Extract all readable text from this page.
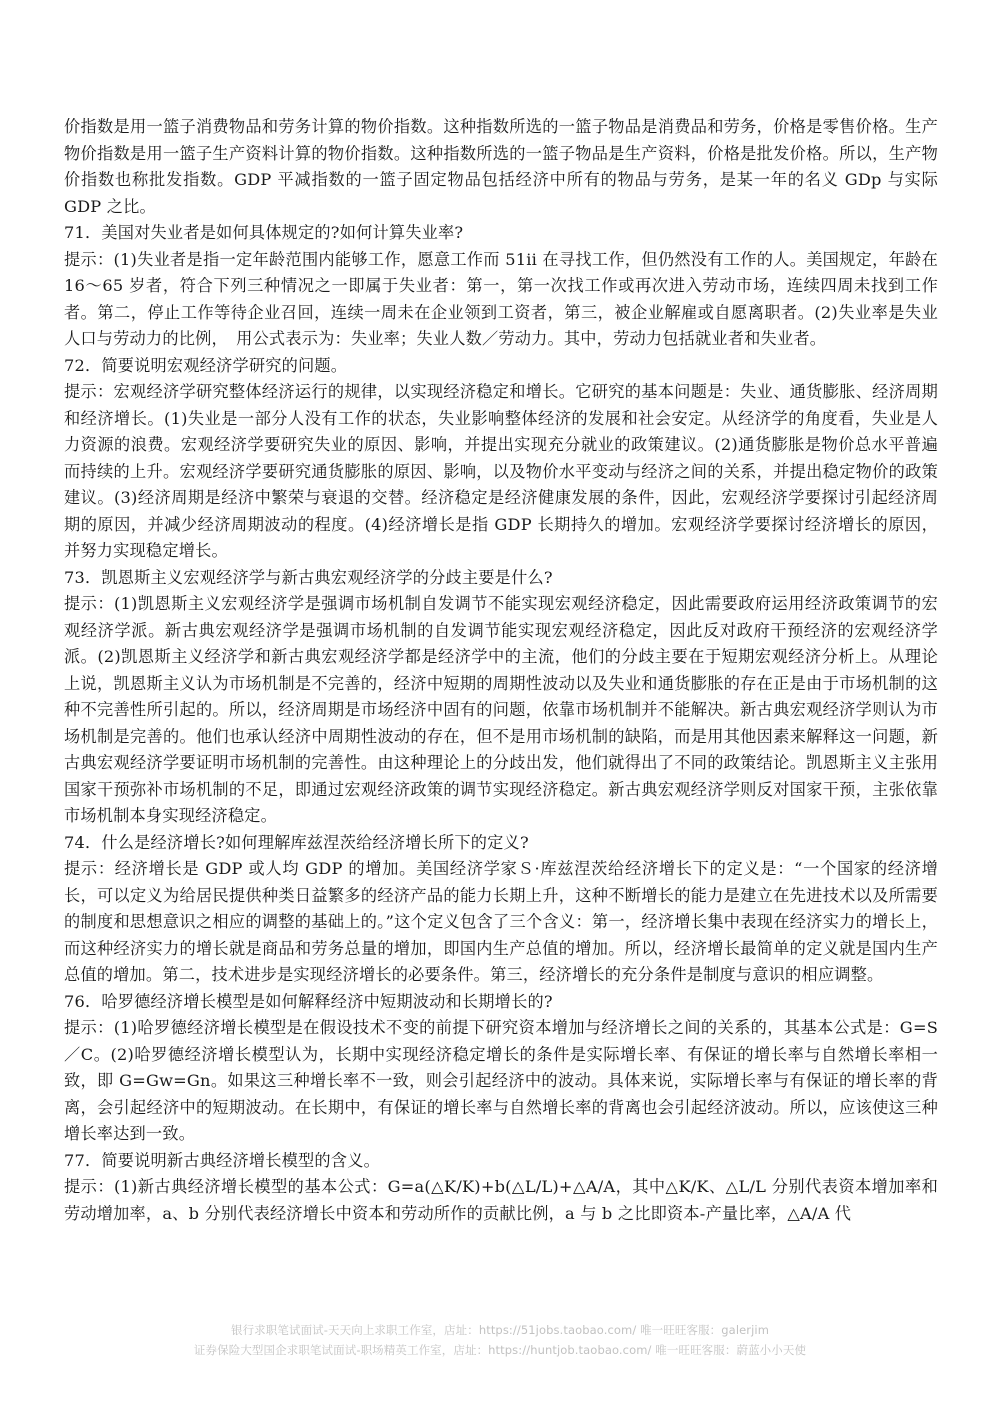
价指数是用一篮子消费物品和劳务计算的物价指数。这种指数所选的一篮子物品是消费品和劳务，价格是零售价格。生产物价指数是用一篮子生产资料计算的物价指数。这种指数所选的一篮子物品是生产资料，价格是批发价格。所以，生产物价指数也称批发指数。GDP 平减指数的一篮子固定物品包括经济中所有的物品与劳务，是某一年的名义 GDp 与实际 GDP 之比。

71．美国对失业者是如何具体规定的?如何计算失业率?

提示：(1)失业者是指一定年龄范围内能够工作，愿意工作而 51ii 在寻找工作，但仍然没有工作的人。美国规定，年龄在 16～65 岁者，符合下列三种情况之一即属于失业者：第一，第一次找工作或再次进入劳动市场，连续四周未找到工作者。第二，停止工作等待企业召回，连续一周未在企业领到工资者，第三，被企业解雇或自愿离职者。(2)失业率是失业人口与劳动力的比例，　用公式表示为：失业率；失业人数／劳动力。其中，劳动力包括就业者和失业者。

72．简要说明宏观经济学研究的问题。

提示：宏观经济学研究整体经济运行的规律，以实现经济稳定和增长。它研究的基本问题是：失业、通货膨胀、经济周期和经济增长。(1)失业是一部分人没有工作的状态，失业影响整体经济的发展和社会安定。从经济学的角度看，失业是人力资源的浪费。宏观经济学要研究失业的原因、影响，并提出实现充分就业的政策建议。(2)通货膨胀是物价总水平普遍而持续的上升。宏观经济学要研究通货膨胀的原因、影响，以及物价水平变动与经济之间的关系，并提出稳定物价的政策建议。(3)经济周期是经济中繁荣与衰退的交替。经济稳定是经济健康发展的条件，因此，宏观经济学要探讨引起经济周期的原因，并减少经济周期波动的程度。(4)经济增长是指 GDP 长期持久的增加。宏观经济学要探讨经济增长的原因，并努力实现稳定增长。

73．凯恩斯主义宏观经济学与新古典宏观经济学的分歧主要是什么?

提示：(1)凯恩斯主义宏观经济学是强调市场机制自发调节不能实现宏观经济稳定，因此需要政府运用经济政策调节的宏观经济学派。新古典宏观经济学是强调市场机制的自发调节能实现宏观经济稳定，因此反对政府干预经济的宏观经济学派。(2)凯恩斯主义经济学和新古典宏观经济学都是经济学中的主流，他们的分歧主要在于短期宏观经济分析上。从理论上说，凯恩斯主义认为市场机制是不完善的，经济中短期的周期性波动以及失业和通货膨胀的存在正是由于市场机制的这种不完善性所引起的。所以，经济周期是市场经济中固有的问题，依靠市场机制并不能解决。新古典宏观经济学则认为市场机制是完善的。他们也承认经济中周期性波动的存在，但不是用市场机制的缺陷，而是用其他因素来解释这一问题，新古典宏观经济学要证明市场机制的完善性。由这种理论上的分歧出发，他们就得出了不同的政策结论。凯恩斯主义主张用国家干预弥补市场机制的不足，即通过宏观经济政策的调节实现经济稳定。新古典宏观经济学则反对国家干预，主张依靠市场机制本身实现经济稳定。

74．什么是经济增长?如何理解库兹涅茨给经济增长所下的定义?

提示：经济增长是 GDP 或人均 GDP 的增加。美国经济学家Ｓ·库兹涅茨给经济增长下的定义是：“一个国家的经济增长，可以定义为给居民提供种类日益繁多的经济产品的能力长期上升，这种不断增长的能力是建立在先进技术以及所需要的制度和思想意识之相应的调整的基础上的。”这个定义包含了三个含义：第一，经济增长集中表现在经济实力的增长上，而这种经济实力的增长就是商品和劳务总量的增加，即国内生产总值的增加。所以，经济增长最简单的定义就是国内生产总值的增加。第二，技术进步是实现经济增长的必要条件。第三，经济增长的充分条件是制度与意识的相应调整。

76．哈罗德经济增长模型是如何解释经济中短期波动和长期增长的?

提示：(1)哈罗德经济增长模型是在假设技术不变的前提下研究资本增加与经济增长之间的关系的，其基本公式是：G=S／C。(2)哈罗德经济增长模型认为，长期中实现经济稳定增长的条件是实际增长率、有保证的增长率与自然增长率相一致，即 G=Gw=Gn。如果这三种增长率不一致，则会引起经济中的波动。具体来说，实际增长率与有保证的增长率的背离，会引起经济中的短期波动。在长期中，有保证的增长率与自然增长率的背离也会引起经济波动。所以，应该使这三种增长率达到一致。

77．简要说明新古典经济增长模型的含义。

提示：(1)新古典经济增长模型的基本公式：G=a(△K/K)+b(△L/L)+△A/A，其中△K/K、△L/L 分别代表资本增加率和劳动增加率，a、b 分别代表经济增长中资本和劳动所作的贡献比例，a 与 b 之比即资本-产量比率，△A/A 代

银行求职笔试面试-天天向上求职工作室，店址：https://51jobs.taobao.com/ 唯一旺旺客服：galerjim
证券保险大型国企求职笔试面试-职场精英工作室，店址：https://huntjob.taobao.com/ 唯一旺旺客服：蔚蓝小小天使
